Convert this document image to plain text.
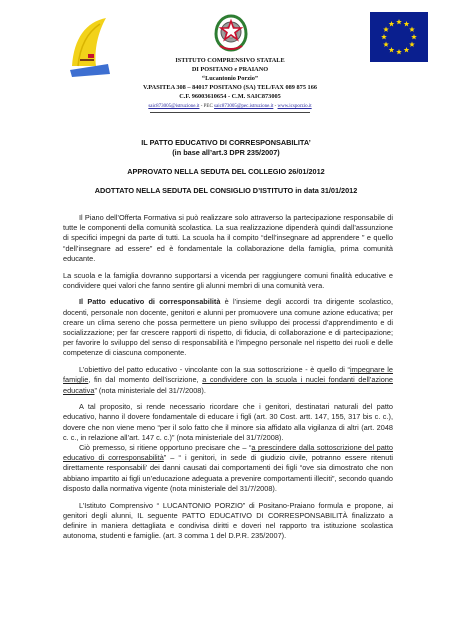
ISTITUTO COMPRENSIVO STATALE
DI POSITANO e PRAIANO
“Lucantonio Porzio”
V.PASITEA 308 – 84017 POSITANO (SA) TEL/FAX 089 875 166
C.F. 96003610654 - C.M. SAIC873005
saic873005@istruzione.it - PEC saic873005@pec.istruzione.it - www.icsporzio.it
IL PATTO EDUCATIVO DI CORRESPONSABILITA’
(in base all’art.3 DPR 235/2007)
APPROVATO NELLA SEDUTA DEL COLLEGIO 26/01/2012
ADOTTATO NELLA SEDUTA DEL CONSIGLIO D’ISTITUTO in data 31/01/2012

Il Piano dell’Offerta Formativa si può realizzare solo attraverso la partecipazione responsabile di tutte le componenti della comunità scolastica. La sua realizzazione dipenderà quindi dall’assunzione di specifici impegni da parte di tutti. La scuola ha il compito “dell’insegnare ad apprendere ” e quello “dell’insegnare ad essere” ed è fondamentale la collaborazione della famiglia, prima comunità educante.

La scuola e la famiglia dovranno supportarsi a vicenda per raggiungere comuni finalità educative e condividere quei valori che fanno sentire gli alunni membri di una comunità vera.

Il Patto educativo di corresponsabilità è l’insieme degli accordi tra dirigente scolastico, docenti, personale non docente, genitori e alunni per promuovere una comune azione educativa; per creare un clima sereno che possa permettere un pieno sviluppo dei processi d’apprendimento e di socializzazione; per far crescere rapporti di rispetto, di fiducia, di collaborazione e di partecipazione; per favorire lo sviluppo del senso di responsabilità e l’impegno personale nel rispetto dei ruoli e delle competenze di ciascuna componente.

L’obiettivo del patto educativo - vincolante con la sua sottoscrizione - è quello di “impegnare le famiglie, fin dal momento dell’iscrizione, a condividere con la scuola i nuclei fondanti dell’azione educativa” (nota ministeriale del 31/7/2008).

A tal proposito, si rende necessario ricordare che i genitori, destinatari naturali del patto educativo, hanno il dovere fondamentale di educare i figli (art. 30 Cost. artt. 147, 155, 317 bis c. c.), dovere che non viene meno “per il solo fatto che il minore sia affidato alla vigilanza di altri (art. 2048 c. c., in relazione all’art. 147 c. c.)” (nota ministeriale del 31/7/2008).

Ciò premesso, si ritiene opportuno precisare che – “a prescindere dalla sottoscrizione del patto educativo di corresponsabilità” – “ i genitori, in sede di giudizio civile, potranno essere ritenuti direttamente responsabili’ dei danni causati dai comportamenti dei figli “ove sia dimostrato che non abbiano impartito ai figli un’educazione adeguata a prevenire comportamenti illeciti”, secondo quando disposto dalla normativa vigente (nota ministeriale del 31/7/2008).

L’Istituto Comprensivo “ LUCANTONIO PORZIO” di Positano-Praiano formula e propone, ai genitori degli alunni, IL seguente PATTO EDUCATIVO DI CORRESPONSABILITÀ finalizzato a definire in maniera dettagliata e condivisa diritti e doveri nel rapporto tra istituzione scolastica autonoma, studenti e famiglie. (art. 3 comma 1 del D.P.R. 235/2007).
